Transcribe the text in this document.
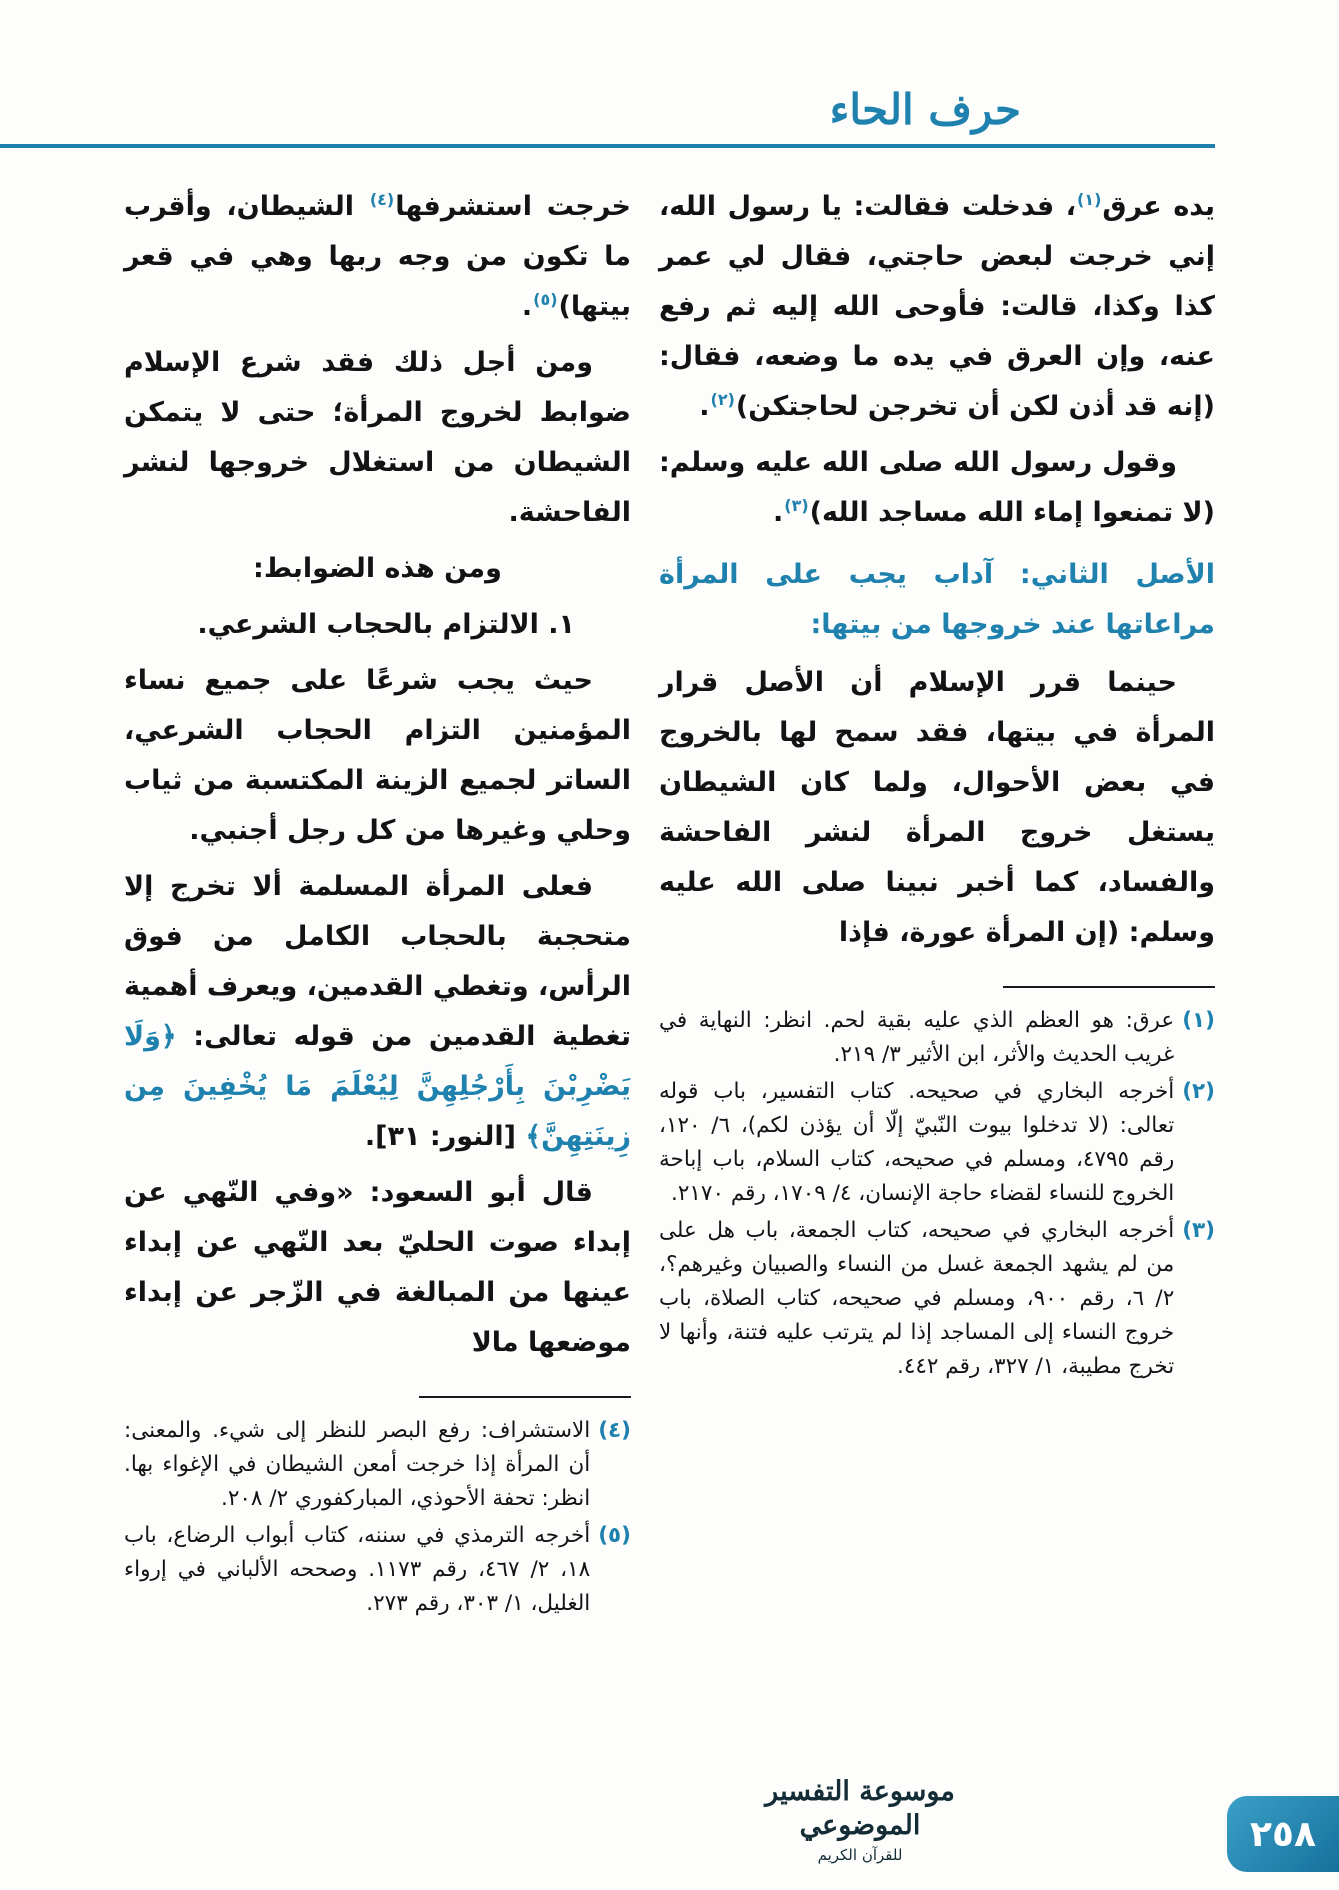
حرف الحاء

يده عرق$^{(١)}$، فدخلت فقالت: يا رسول الله، إني خرجت لبعض حاجتي، فقال لي عمر كذا وكذا، قالت: فأوحى الله إليه ثم رفع عنه، وإن العرق في يده ما وضعه، فقال: (إنه قد أذن لكن أن تخرجن لحاجتكن)$^{(٢)}$.

وقول رسول الله صلى الله عليه وسلم: (لا تمنعوا إماء الله مساجد الله)$^{(٣)}$.

الأصل الثاني: آداب يجب على المرأة مراعاتها عند خروجها من بيتها:

حينما قرر الإسلام أن الأصل قرار المرأة في بيتها، فقد سمح لها بالخروج في بعض الأحوال، ولما كان الشيطان يستغل خروج المرأة لنشر الفاحشة والفساد، كما أخبر نبينا صلى الله عليه وسلم: (إن المرأة عورة، فإذا

(١)
عرق: هو العظم الذي عليه بقية لحم. انظر: النهاية في غريب الحديث والأثر، ابن الأثير ٣/ ٢١٩.
(٢)
أخرجه البخاري في صحيحه. كتاب التفسير، باب قوله تعالى: (لا تدخلوا بيوت النّبيّ إلّا أن يؤذن لكم)، ٦/ ١٢٠، رقم ٤٧٩٥، ومسلم في صحيحه، كتاب السلام، باب إباحة الخروج للنساء لقضاء حاجة الإنسان، ٤/ ١٧٠٩، رقم ٢١٧٠.
(٣)
أخرجه البخاري في صحيحه، كتاب الجمعة، باب هل على من لم يشهد الجمعة غسل من النساء والصبيان وغيرهم؟، ٢/ ٦، رقم ٩٠٠، ومسلم في صحيحه، كتاب الصلاة، باب خروج النساء إلى المساجد إذا لم يترتب عليه فتنة، وأنها لا تخرج مطيبة، ١/ ٣٢٧، رقم ٤٤٢.

خرجت استشرفها$^{(٤)}$ الشيطان، وأقرب ما تكون من وجه ربها وهي في قعر بيتها)$^{(٥)}$.

ومن أجل ذلك فقد شرع الإسلام ضوابط لخروج المرأة؛ حتى لا يتمكن الشيطان من استغلال خروجها لنشر الفاحشة.

ومن هذه الضوابط:

١. الالتزام بالحجاب الشرعي.

حيث يجب شرعًا على جميع نساء المؤمنين التزام الحجاب الشرعي، الساتر لجميع الزينة المكتسبة من ثياب وحلي وغيرها من كل رجل أجنبي.

فعلى المرأة المسلمة ألا تخرج إلا متحجبة بالحجاب الكامل من فوق الرأس، وتغطي القدمين، ويعرف أهمية تغطية القدمين من قوله تعالى: ﴿وَلَا يَضْرِبْنَ بِأَرْجُلِهِنَّ لِيُعْلَمَ مَا يُخْفِينَ مِن زِينَتِهِنَّ﴾ [النور: ٣١].

قال أبو السعود: «وفي النّهي عن إبداء صوت الحليّ بعد النّهي عن إبداء عينها من المبالغة في الزّجر عن إبداء موضعها مالا

(٤)
الاستشراف: رفع البصر للنظر إلى شيء. والمعنى: أن المرأة إذا خرجت أمعن الشيطان في الإغواء بها. انظر: تحفة الأحوذي، المباركفوري ٢/ ٢٠٨.
(٥)
أخرجه الترمذي في سننه، كتاب أبواب الرضاع، باب ١٨، ٢/ ٤٦٧، رقم ١١٧٣. وصححه الألباني في إرواء الغليل، ١/ ٣٠٣، رقم ٢٧٣.
موسوعة التفسير الموضوعي
للقرآن الكريم
٢٥٨
